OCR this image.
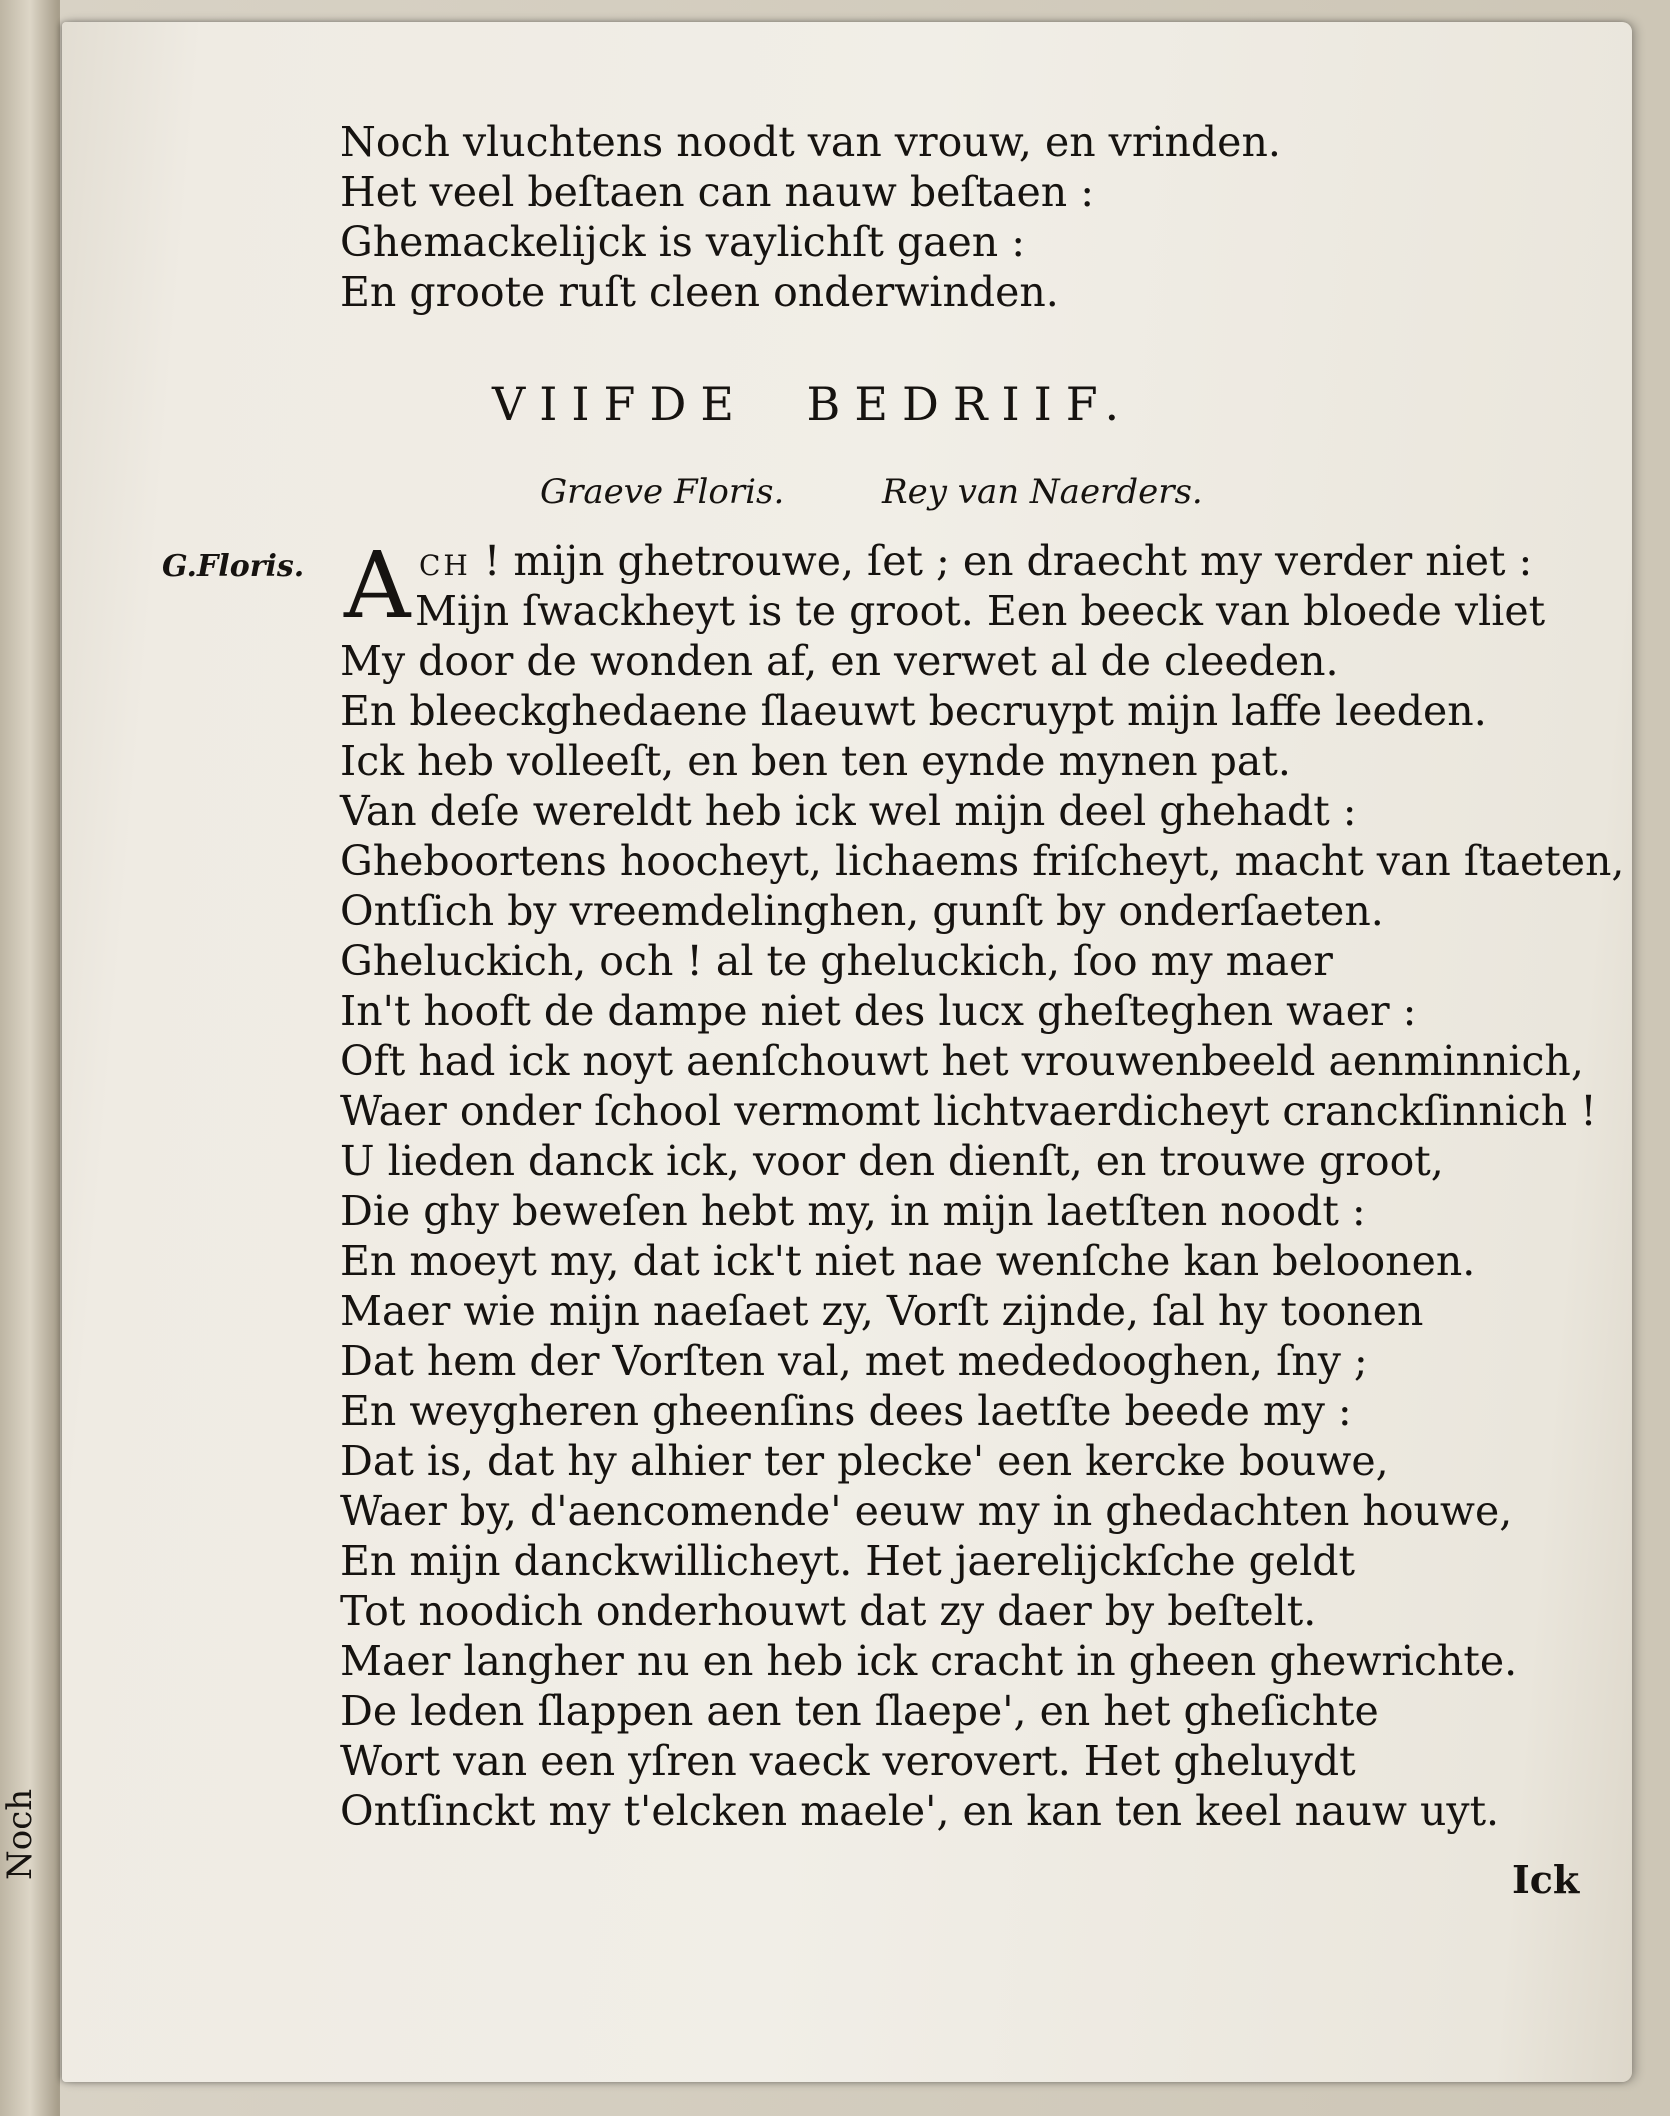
Noch
Noch vluchtens noodt van vrouw, en vrinden.
Het veel beſtaen can nauw beſtaen :
Ghemackelijck is vaylichſt gaen :
En groote ruſt cleen onderwinden.
VIIFDE BEDRIIF.
Graeve Floris.	Rey van Naerders.
G.Floris. A CH ! mijn ghetrouwe, ſet ; en draecht my verder niet :
Mijn ſwackheyt is te groot. Een beeck van bloede vliet
My door de wonden af, en verwet al de cleeden.
En bleeckghedaene ſlaeuwt becruypt mijn laffe leeden.
Ick heb volleeſt, en ben ten eynde mynen pat.
Van deſe wereldt heb ick wel mijn deel ghehadt :
Gheboortens hoocheyt, lichaems friſcheyt, macht van ſtaeten,
Ontſich by vreemdelinghen, gunſt by onderſaeten.
Gheluckich, och ! al te gheluckich, ſoo my maer
In't hooft de dampe niet des lucx gheſteghen waer :
Oft had ick noyt aenſchouwt het vrouwenbeeld aenminnich,
Waer onder ſchool vermomt lichtvaerdicheyt cranckſinnich !
U lieden danck ick, voor den dienſt, en trouwe groot,
Die ghy beweſen hebt my, in mijn laetſten noodt :
En moeyt my, dat ick't niet nae wenſche kan beloonen.
Maer wie mijn naeſaet zy, Vorſt zijnde, ſal hy toonen
Dat hem der Vorſten val, met mededooghen, ſny ;
En weygheren gheenſins dees laetſte beede my :
Dat is, dat hy alhier ter plecke' een kercke bouwe,
Waer by, d'aencomende' eeuw my in ghedachten houwe,
En mijn danckwillicheyt. Het jaerelijckſche geldt
Tot noodich onderhouwt dat zy daer by beſtelt.
Maer langher nu en heb ick cracht in gheen ghewrichte.
De leden ſlappen aen ten ſlaepe', en het gheſichte
Wort van een yſren vaeck verovert. Het gheluydt
Ontſinckt my t'elcken maele', en kan ten keel nauw uyt.
Ick
